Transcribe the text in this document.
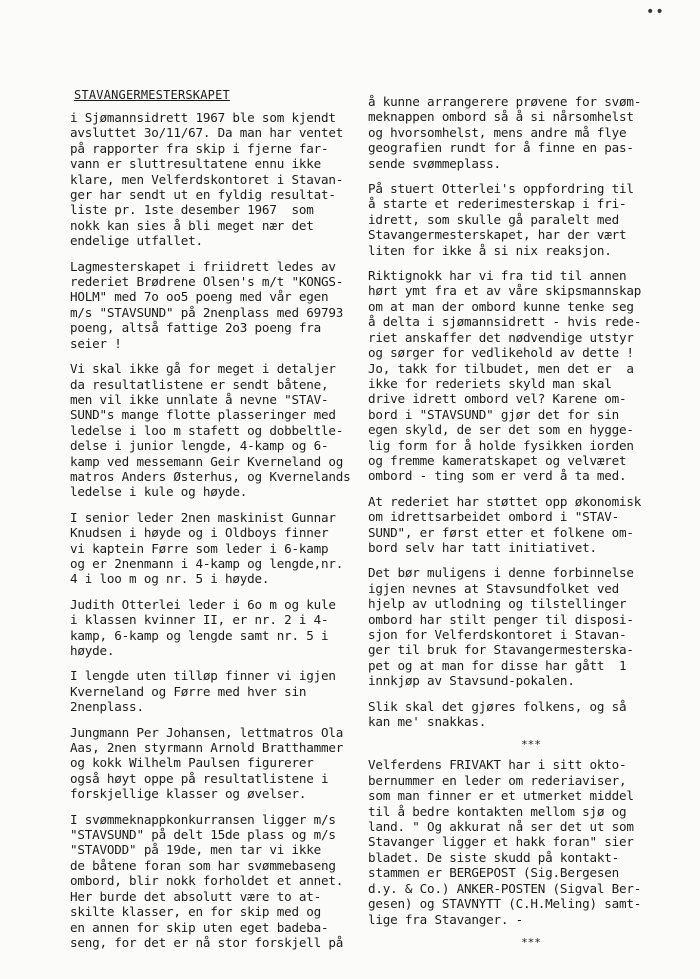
••
STAVANGERMESTERSKAPET
i Sjømannsidrett 1967 ble som kjendt
avsluttet 3o/11/67. Da man har ventet
på rapporter fra skip i fjerne far-
vann er sluttresultatene ennu ikke
klare, men Velferdskontoret i Stavan-
ger har sendt ut en fyldig resultat-
liste pr. 1ste desember 1967  som
nokk kan sies å bli meget nær det
endelige utfallet.
Lagmesterskapet i friidrett ledes av
rederiet Brødrene Olsen's m/t "KONGS-
HOLM" med 7o oo5 poeng med vår egen
m/s "STAVSUND" på 2nenplass med 69793
poeng, altså fattige 2o3 poeng fra
seier !
Vi skal ikke gå for meget i detaljer
da resultatlistene er sendt båtene,
men vil ikke unnlate å nevne "STAV-
SUND"s mange flotte plasseringer med
ledelse i loo m stafett og dobbeltle-
delse i junior lengde, 4-kamp og 6-
kamp ved messemann Geir Kverneland og
matros Anders Østerhus, og Kvernelands
ledelse i kule og høyde.
I senior leder 2nen maskinist Gunnar
Knudsen i høyde og i Oldboys finner
vi kaptein Førre som leder i 6-kamp
og er 2nenmann i 4-kamp og lengde,nr.
4 i loo m og nr. 5 i høyde.
Judith Otterlei leder i 6o m og kule
i klassen kvinner II, er nr. 2 i 4-
kamp, 6-kamp og lengde samt nr. 5 i
høyde.
I lengde uten tilløp finner vi igjen
Kverneland og Førre med hver sin
2nenplass.
Jungmann Per Johansen, lettmatros Ola
Aas, 2nen styrmann Arnold Bratthammer
og kokk Wilhelm Paulsen figurerer
også høyt oppe på resultatlistene i
forskjellige klasser og øvelser.
I svømmeknappkonkurransen ligger m/s
"STAVSUND" på delt 15de plass og m/s
"STAVODD" på 19de, men tar vi ikke
de båtene foran som har svømmebaseng
ombord, blir nokk forholdet et annet.
Her burde det absolutt være to at-
skilte klasser, en for skip med og
en annen for skip uten eget badeba-
seng, for det er nå stor forskjell på
å kunne arrangerere prøvene for svøm-
meknappen ombord så å si nårsomhelst
og hvorsomhelst, mens andre må flye
geografien rundt for å finne en pas-
sende svømmeplass.
På stuert Otterlei's oppfordring til
å starte et rederimesterskap i fri-
idrett, som skulle gå paralelt med
Stavangermesterskapet, har der vært
liten for ikke å si nix reaksjon.
Riktignokk har vi fra tid til annen
hørt ymt fra et av våre skipsmannskap
om at man der ombord kunne tenke seg
å delta i sjømannsidrett - hvis rede-
riet anskaffer det nødvendige utstyr
og sørger for vedlikehold av dette !
Jo, takk for tilbudet, men det er  a
ikke for rederiets skyld man skal
drive idrett ombord vel? Karene om-
bord i "STAVSUND" gjør det for sin
egen skyld, de ser det som en hygge-
lig form for å holde fysikken iorden
og fremme kameratskapet og velværet
ombord - ting som er verd å ta med.
At rederiet har støttet opp økonomisk
om idrettsarbeidet ombord i "STAV-
SUND", er først etter et folkene om-
bord selv har tatt initiativet.
Det bør muligens i denne forbinnelse
igjen nevnes at Stavsundfolket ved
hjelp av utlodning og tilstellinger
ombord har stilt penger til disposi-
sjon for Velferdskontoret i Stavan-
ger til bruk for Stavangermesterska-
pet og at man for disse har gått  1
innkjøp av Stavsund-pokalen.
Slik skal det gjøres folkens, og så
kan me' snakkas.
***
Velferdens FRIVAKT har i sitt okto-
bernummer en leder om rederiaviser,
som man finner er et utmerket middel
til å bedre kontakten mellom sjø og
land. " Og akkurat nå ser det ut som
Stavanger ligger et hakk foran" sier
bladet. De siste skudd på kontakt-
stammen er BERGEPOST (Sig.Bergesen
d.y. & Co.) ANKER-POSTEN (Sigval Ber-
gesen) og STAVNYTT (C.H.Meling) samt-
lige fra Stavanger. -
***
